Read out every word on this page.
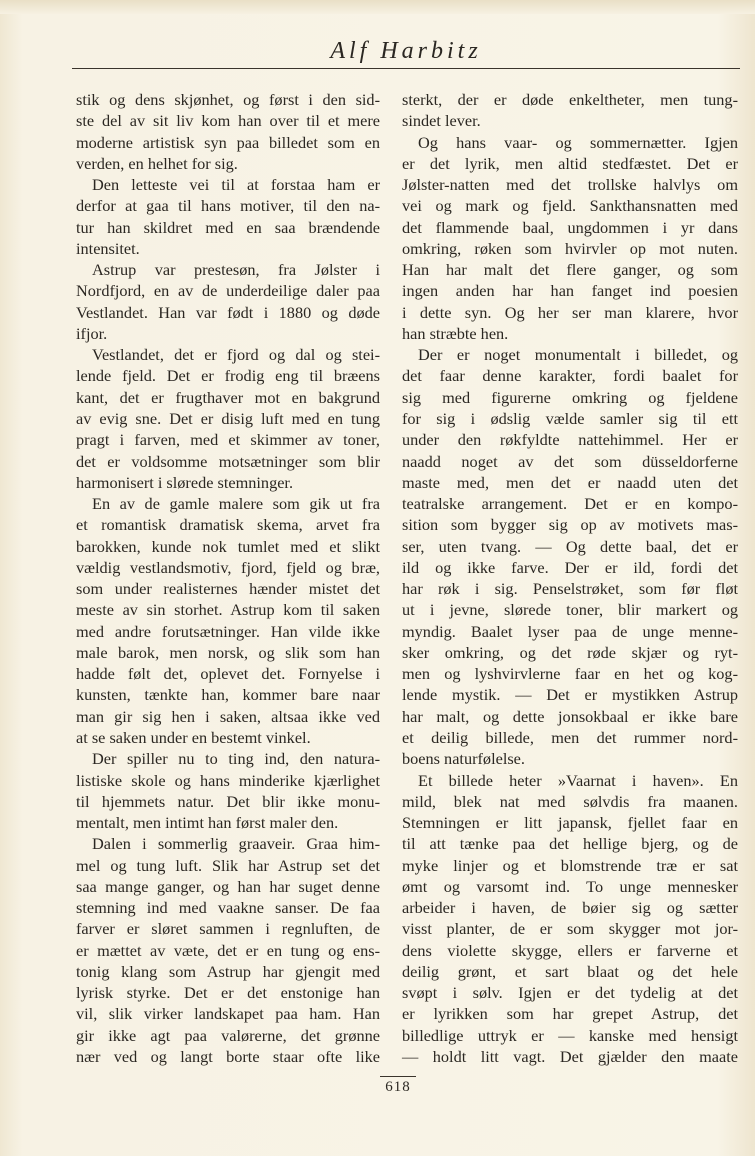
Alf Harbitz
stik og dens skjønhet, og først i den sid-
ste del av sit liv kom han over til et mere
moderne artistisk syn paa billedet som en
verden, en helhet for sig.
Den letteste vei til at forstaa ham er
derfor at gaa til hans motiver, til den na-
tur han skildret med en saa brændende
intensitet.
Astrup var prestesøn, fra Jølster i
Nordfjord, en av de underdeilige daler paa
Vestlandet. Han var født i 1880 og døde
ifjor.
Vestlandet, det er fjord og dal og stei-
lende fjeld. Det er frodig eng til bræens
kant, det er frugthaver mot en bakgrund
av evig sne. Det er disig luft med en tung
pragt i farven, med et skimmer av toner,
det er voldsomme motsætninger som blir
harmonisert i slørede stemninger.
En av de gamle malere som gik ut fra
et romantisk dramatisk skema, arvet fra
barokken, kunde nok tumlet med et slikt
vældig vestlandsmotiv, fjord, fjeld og bræ,
som under realisternes hænder mistet det
meste av sin storhet. Astrup kom til saken
med andre forutsætninger. Han vilde ikke
male barok, men norsk, og slik som han
hadde følt det, oplevet det. Fornyelse i
kunsten, tænkte han, kommer bare naar
man gir sig hen i saken, altsaa ikke ved
at se saken under en bestemt vinkel.
Der spiller nu to ting ind, den natura-
listiske skole og hans minderike kjærlighet
til hjemmets natur. Det blir ikke monu-
mentalt, men intimt han først maler den.
Dalen i sommerlig graaveir. Graa him-
mel og tung luft. Slik har Astrup set det
saa mange ganger, og han har suget denne
stemning ind med vaakne sanser. De faa
farver er sløret sammen i regnluften, de
er mættet av væte, det er en tung og ens-
tonig klang som Astrup har gjengit med
lyrisk styrke. Det er det enstonige han
vil, slik virker landskapet paa ham. Han
gir ikke agt paa valørerne, det grønne
nær ved og langt borte staar ofte like
sterkt, der er døde enkeltheter, men tung-
sindet lever.
Og hans vaar- og sommernætter. Igjen
er det lyrik, men altid stedfæstet. Det er
Jølster-natten med det trollske halvlys om
vei og mark og fjeld. Sankthansnatten med
det flammende baal, ungdommen i yr dans
omkring, røken som hvirvler op mot nuten.
Han har malt det flere ganger, og som
ingen anden har han fanget ind poesien
i dette syn. Og her ser man klarere, hvor
han stræbte hen.
Der er noget monumentalt i billedet, og
det faar denne karakter, fordi baalet for
sig med figurerne omkring og fjeldene
for sig i ødslig vælde samler sig til ett
under den røkfyldte nattehimmel. Her er
naadd noget av det som düsseldorferne
maste med, men det er naadd uten det
teatralske arrangement. Det er en kompo-
sition som bygger sig op av motivets mas-
ser, uten tvang. — Og dette baal, det er
ild og ikke farve. Der er ild, fordi det
har røk i sig. Penselstrøket, som før fløt
ut i jevne, slørede toner, blir markert og
myndig. Baalet lyser paa de unge menne-
sker omkring, og det røde skjær og ryt-
men og lyshvirvlerne faar en het og kog-
lende mystik. — Det er mystikken Astrup
har malt, og dette jonsokbaal er ikke bare
et deilig billede, men det rummer nord-
boens naturfølelse.
Et billede heter »Vaarnat i haven». En
mild, blek nat med sølvdis fra maanen.
Stemningen er litt japansk, fjellet faar en
til att tænke paa det hellige bjerg, og de
myke linjer og et blomstrende træ er sat
ømt og varsomt ind. To unge mennesker
arbeider i haven, de bøier sig og sætter
visst planter, de er som skygger mot jor-
dens violette skygge, ellers er farverne et
deilig grønt, et sart blaat og det hele
svøpt i sølv. Igjen er det tydelig at det
er lyrikken som har grepet Astrup, det
billedlige uttryk er — kanske med hensigt
— holdt litt vagt. Det gjælder den maate
618
